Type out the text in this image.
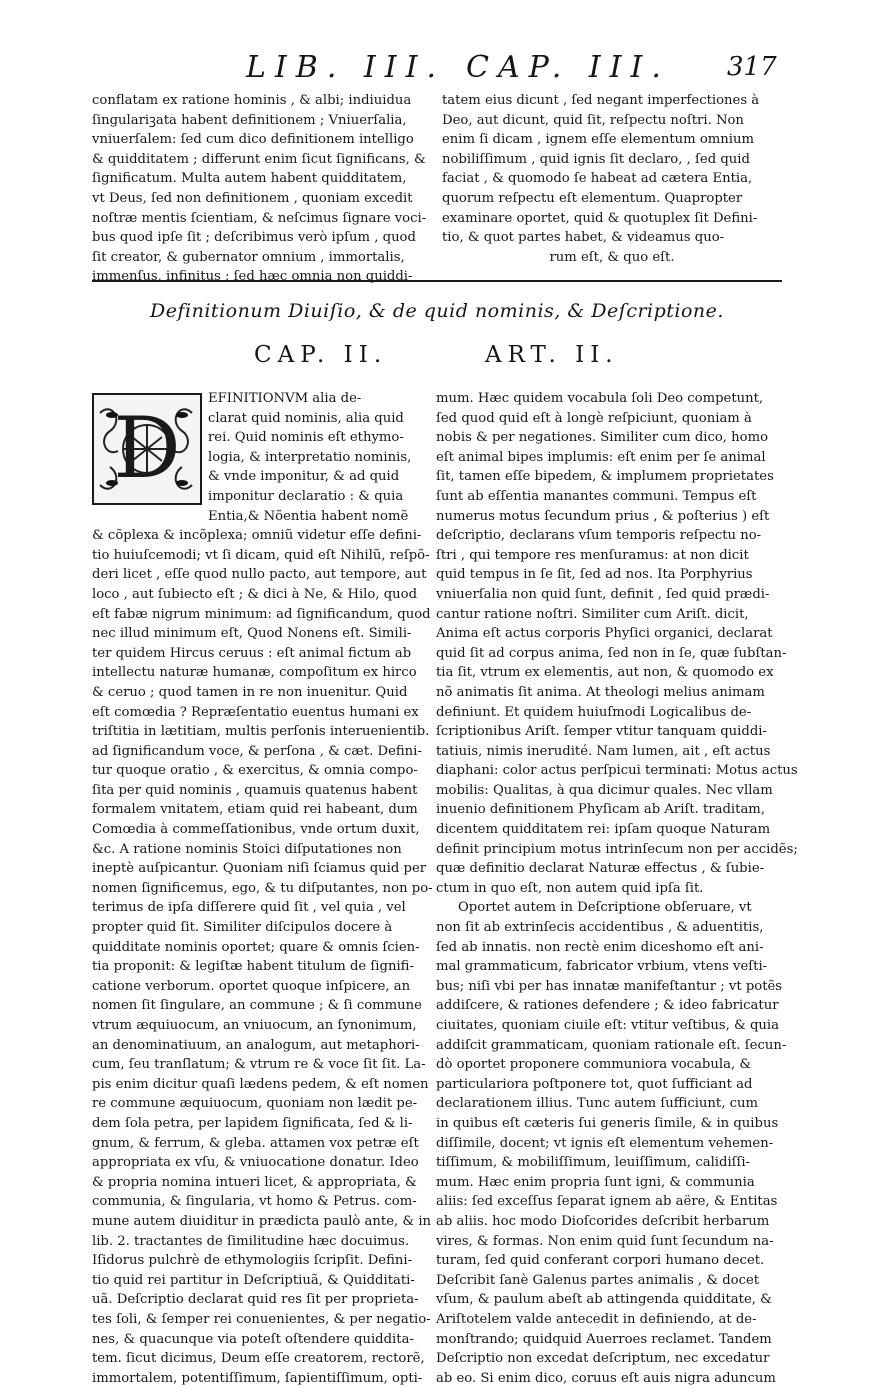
LIB. III. CAP. III. 317
conflatam ex ratione hominis , & albi; indiuidua
ſingulariꝫata habent definitionem ; Vniuerſalia,
vniuerſalem: ſed cum dico definitionem intelligo
& quidditatem ; differunt enim ſicut ſignificans, &
ſignificatum. Multa autem habent quidditatem,
vt Deus, ſed non definitionem , quoniam excedit
noſtræ mentis ſcientiam, & neſcimus ſignare voci-
bus quod ipſe ſit ; deſcribimus verò ipſum , quod
ſit creator, & gubernator omnium , immortalis,
immenſus, infinitus ; ſed hæc omnia non quiddi-
tatem eius dicunt , ſed negant imperfectiones à
Deo, aut dicunt, quid ſit, reſpectu noſtri. Non
enim ſi dicam , ignem eſſe elementum omnium
nobiliſſimum , quid ignis ſit declaro, , ſed quid
faciat , & quomodo ſe habeat ad cætera Entia,
quorum reſpectu eſt elementum. Quapropter
examinare oportet, quid & quotuplex ſit Defini-
tio, & quot partes habet, & videamus quo-
rum eſt, & quo eſt.
Definitionum Diuiſio, & de quid nominis, & Deſcriptione.
CAP. II.	ART. II.
D
EFINITIONVM alia de-
clarat quid nominis, alia quid
rei. Quid nominis eſt ethymo-
logia, & interpretatio nominis,
& vnde imponitur, & ad quid
imponitur declaratio : & quia
Entia,& Nõentia habent nomẽ
& cõplexa & incõplexa; omniũ videtur eſſe defini-
tio huiuſcemodi; vt ſi dicam, quid eſt Nihilũ, reſpõ-
deri licet , eſſe quod nullo pacto, aut tempore, aut
loco , aut ſubiecto eſt ; & dici à Ne, & Hilo, quod
eſt fabæ nigrum minimum: ad ſignificandum, quod
nec illud minimum eſt, Quod Nonens eſt. Simili-
ter quidem Hircus ceruus : eſt animal fictum ab
intellectu naturæ humanæ, compoſitum ex hirco
& ceruo ; quod tamen in re non inuenitur. Quid
eſt comœdia ? Repræſentatio euentus humani ex
triſtitia in lætitiam, multis perſonis interuenientib.
ad ſignificandum voce, & perſona , & cæt. Defini-
tur quoque oratio , & exercitus, & omnia compo-
ſita per quid nominis , quamuis quatenus habent
formalem vnitatem, etiam quid rei habeant, dum
Comœdia à commeſſationibus, vnde ortum duxit,
&c. A ratione nominis Stoici diſputationes non
ineptè auſpicantur. Quoniam niſi ſciamus quid per
nomen ſignificemus, ego, & tu diſputantes, non po-
terimus de ipſa diſſerere quid ſit , vel quia , vel
propter quid ſit. Similiter diſcipulos docere à
quidditate nominis oportet; quare & omnis ſcien-
tia proponit: & legiſtæ habent titulum de ſignifi-
catione verborum. oportet quoque inſpicere, an
nomen ſit ſingulare, an commune ; & ſi commune
vtrum æquiuocum, an vniuocum, an ſynonimum,
an denominatiuum, an analogum, aut metaphori-
cum, ſeu tranſlatum; & vtrum re & voce ſit ſit. La-
pis enim dicitur quaſi lædens pedem, & eſt nomen
re commune æquiuocum, quoniam non lædit pe-
dem ſola petra, per lapidem ſignificata, ſed & li-
gnum, & ferrum, & gleba. attamen vox petræ eſt
appropriata ex vſu, & vniuocatione donatur. Ideo
& propria nomina intueri licet, & appropriata, &
communia, & ſingularia, vt homo & Petrus. com-
mune autem diuiditur in prædicta paulò ante, & in
lib. 2. tractantes de ſimilitudine hæc docuimus.
Iſidorus pulchrè de ethymologiis ſcripſit. Defini-
tio quid rei partitur in Deſcriptiuã, & Quidditati-
uã. Deſcriptio declarat quid res ſit per proprieta-
tes ſoli, & ſemper rei conuenientes, & per negatio-
nes, & quacunque via poteſt oſtendere quiddita-
tem. ſicut dicimus, Deum eſſe creatorem, rectorẽ,
immortalem, potentiſſimum, ſapientiſſimum, opti-
mum. Hæc quidem vocabula ſoli Deo competunt,
ſed quod quid eſt à longè reſpiciunt, quoniam à
nobis & per negationes. Similiter cum dico, homo
eſt animal bipes implumis: eſt enim per ſe animal
ſit, tamen eſſe bipedem, & implumem proprietates
ſunt ab eſſentia manantes communi. Tempus eſt
numerus motus ſecundum prius , & poſterius ) eſt
deſcriptio, declarans vſum temporis reſpectu no-
ſtri , qui tempore res menſuramus: at non dicit
quid tempus in ſe ſit, ſed ad nos. Ita Porphyrius
vniuerſalia non quid ſunt, definit , ſed quid prædi-
cantur ratione noſtri. Similiter cum Ariſt. dicit,
Anima eſt actus corporis Phyſici organici, declarat
quid ſit ad corpus anima, ſed non in ſe, quæ ſubſtan-
tia ſit, vtrum ex elementis, aut non, & quomodo ex
nõ animatis ſit anima. At theologi melius animam
definiunt. Et quidem huiuſmodi Logicalibus de-
ſcriptionibus Ariſt. ſemper vtitur tanquam quiddi-
tatiuis, nimis inerudité. Nam lumen, ait , eſt actus
diaphani: color actus perſpicui terminati: Motus actus
mobilis: Qualitas, à qua dicimur quales. Nec vllam
inuenio definitionem Phyſicam ab Ariſt. traditam,
dicentem quidditatem rei: ipſam quoque Naturam
definit principium motus intrinſecum non per accidẽs;
quæ definitio declarat Naturæ effectus , & ſubie-
ctum in quo eſt, non autem quid ipſa ſit.
Oportet autem in Deſcriptione obſeruare, vt
non ſit ab extrinſecis accidentibus , & aduentitis,
ſed ab innatis. non rectè enim diceshomo eſt ani-
mal grammaticum, fabricator vrbium, vtens veſti-
bus; niſi vbi per has innatæ manifeſtantur ; vt potẽs
addiſcere, & rationes defendere ; & ideo fabricatur
ciuitates, quoniam ciuile eſt: vtitur veſtibus, & quia
addiſcit grammaticam, quoniam rationale eſt. ſecun-
dò oportet proponere communiora vocabula, &
particulariora poſtponere tot, quot ſufficiant ad
declarationem illius. Tunc autem ſufficiunt, cum
in quibus eſt cæteris ſui generis ſimile, & in quibus
diſſimile, docent; vt ignis eſt elementum vehemen-
tiſſimum, & mobiliſſimum, leuiſſimum, calidiſſi-
mum. Hæc enim propria ſunt igni, & communia
aliis: ſed exceſſus ſeparat ignem ab aëre, & Entitas
ab aliis. hoc modo Dioſcorides deſcribit herbarum
vires, & formas. Non enim quid ſunt ſecundum na-
turam, ſed quid conferant corpori humano decet.
Deſcribit ſanè Galenus partes animalis , & docet
vſum, & paulum abeſt ab attingenda quidditate, &
Ariſtotelem valde antecedit in definiendo, at de-
monſtrando; quidquid Auerroes reclamet. Tandem
Deſcriptio non excedat deſcriptum, nec excedatur
ab eo. Si enim dico, coruus eſt auis nigra aduncum
